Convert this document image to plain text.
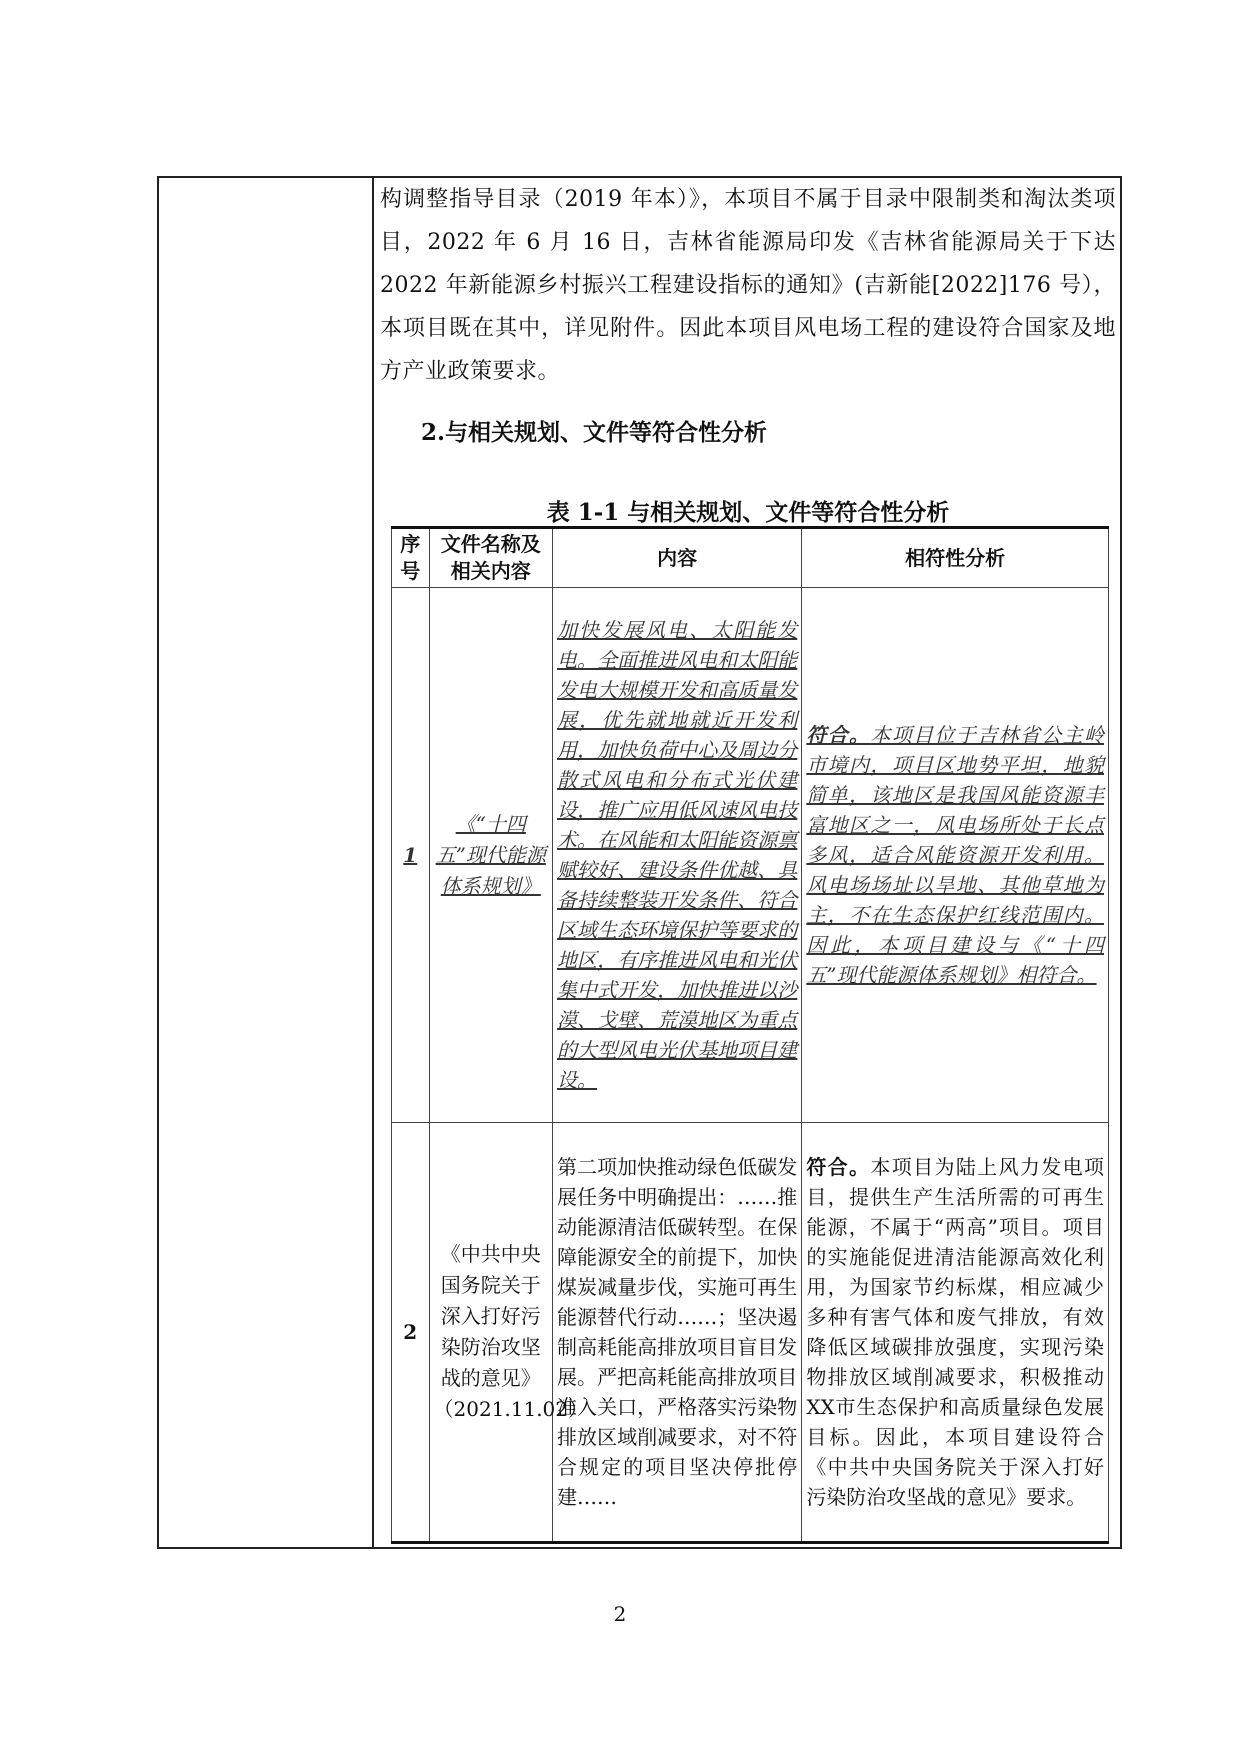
构调整指导目录（2019 年本）》，本项目不属于目录中限制类和淘汰类项目，2022 年 6 月 16 日，吉林省能源局印发《吉林省能源局关于下达 2022 年新能源乡村振兴工程建设指标的通知》(吉新能[2022]176 号），本项目既在其中，详见附件。因此本项目风电场工程的建设符合国家及地方产业政策要求。

2.与相关规划、文件等符合性分析

表 1-1 与相关规划、文件等符合性分析

序号	文件名称及相关内容	内容	相符性分析
1	《“十四五”现代能源体系规划》	加快发展风电、太阳能发电。全面推进风电和太阳能发电大规模开发和高质量发展，优先就地就近开发利用，加快负荷中心及周边分散式风电和分布式光伏建设，推广应用低风速风电技术。在风能和太阳能资源禀赋较好、建设条件优越、具备持续整装开发条件、符合区域生态环境保护等要求的地区，有序推进风电和光伏集中式开发，加快推进以沙漠、戈壁、荒漠地区为重点的大型风电光伏基地项目建设。	符合。本项目位于吉林省公主岭市境内，项目区地势平坦，地貌简单，该地区是我国风能资源丰富地区之一，风电场所处于长点多风，适合风能资源开发利用。风电场场址以旱地、其他草地为主，不在生态保护红线范围内。因此，本项目建设与《“十四五”现代能源体系规划》相符合。
2	《中共中央国务院关于深入打好污染防治攻坚战的意见》（2021.11.02）	第二项加快推动绿色低碳发展任务中明确提出：……推动能源清洁低碳转型。在保障能源安全的前提下，加快煤炭减量步伐，实施可再生能源替代行动……；坚决遏制高耗能高排放项目盲目发展。严把高耗能高排放项目准入关口，严格落实污染物排放区域削减要求，对不符合规定的项目坚决停批停建……	符合。本项目为陆上风力发电项目，提供生产生活所需的可再生能源，不属于“两高”项目。项目的实施能促进清洁能源高效化利用，为国家节约标煤，相应减少多种有害气体和废气排放，有效降低区域碳排放强度，实现污染物排放区域削减要求，积极推动XX市生态保护和高质量绿色发展目标。因此，本项目建设符合《中共中央国务院关于深入打好污染防治攻坚战的意见》要求。
2
